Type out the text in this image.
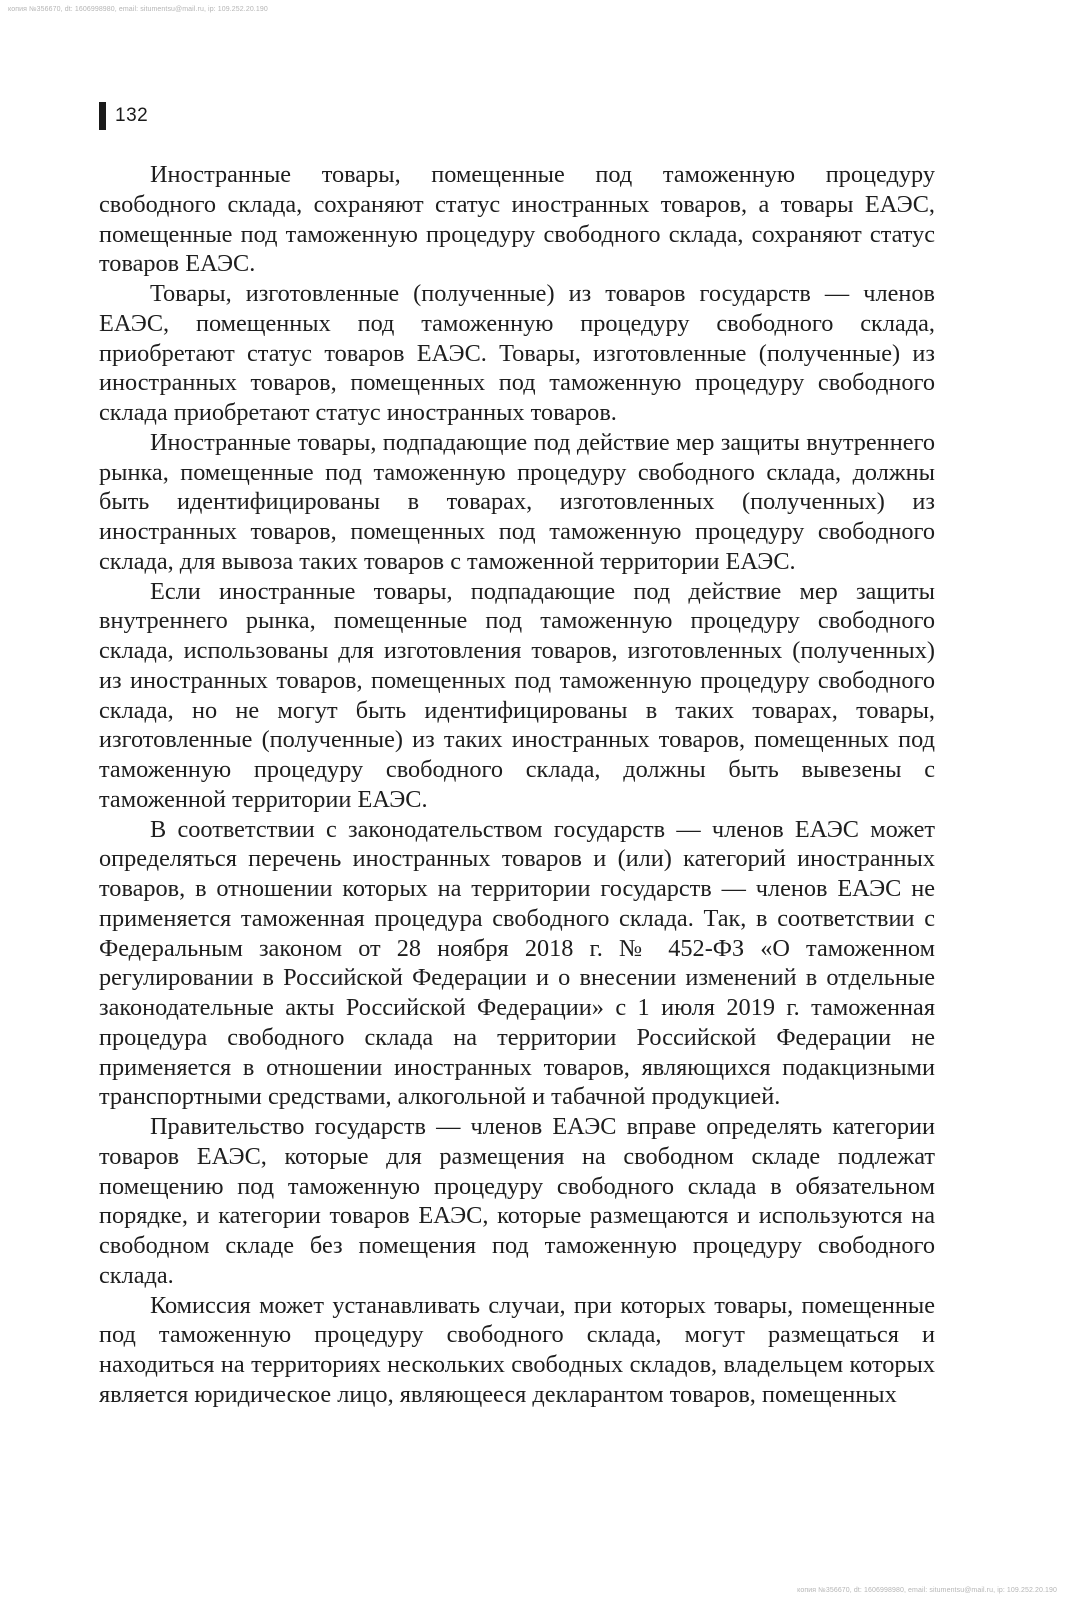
копия №356670, dt: 1606998980, email: situmentsu@mail.ru, ip: 109.252.20.190
132

Иностранные товары, помещенные под таможенную процедуру свободного склада, сохраняют статус иностранных товаров, а товары ЕАЭС, помещенные под таможенную процедуру свободного склада, сохраняют статус товаров ЕАЭС.

Товары, изготовленные (полученные) из товаров государств — членов ЕАЭС, помещенных под таможенную процедуру свободного склада, приобретают статус товаров ЕАЭС. Товары, изготовленные (полученные) из иностранных товаров, помещенных под таможенную процедуру свободного склада приобретают статус иностранных товаров.

Иностранные товары, подпадающие под действие мер защиты внутреннего рынка, помещенные под таможенную процедуру свободного склада, должны быть идентифицированы в товарах, изготовленных (полученных) из иностранных товаров, помещенных под таможенную процедуру свободного склада, для вывоза таких товаров с таможенной территории ЕАЭС.

Если иностранные товары, подпадающие под действие мер защиты внутреннего рынка, помещенные под таможенную процедуру свободного склада, использованы для изготовления товаров, изготовленных (полученных) из иностранных товаров, помещенных под таможенную процедуру свободного склада, но не могут быть идентифицированы в таких товарах, товары, изготовленные (полученные) из таких иностранных товаров, помещенных под таможенную процедуру свободного склада, должны быть вывезены с таможенной территории ЕАЭС.

В соответствии с законодательством государств — членов ЕАЭС может определяться перечень иностранных товаров и (или) категорий иностранных товаров, в отношении которых на территории государств — членов ЕАЭС не применяется таможенная процедура свободного склада. Так, в соответствии с Федеральным законом от 28 ноября 2018 г. № 452-ФЗ «О таможенном регулировании в Российской Федерации и о внесении изменений в отдельные законодательные акты Российской Федерации» с 1 июля 2019 г. таможенная процедура свободного склада на территории Российской Федерации не применяется в отношении иностранных товаров, являющихся подакцизными транспортными средствами, алкогольной и табачной продукцией.

Правительство государств — членов ЕАЭС вправе определять категории товаров ЕАЭС, которые для размещения на свободном складе подлежат помещению под таможенную процедуру свободного склада в обязательном порядке, и категории товаров ЕАЭС, которые размещаются и используются на свободном складе без помещения под таможенную процедуру свободного склада.

Комиссия может устанавливать случаи, при которых товары, помещенные под таможенную процедуру свободного склада, могут размещаться и находиться на территориях нескольких свободных складов, владельцем которых является юридическое лицо, являющееся декларантом товаров, помещенных

копия №356670, dt: 1606998980, email: situmentsu@mail.ru, ip: 109.252.20.190
